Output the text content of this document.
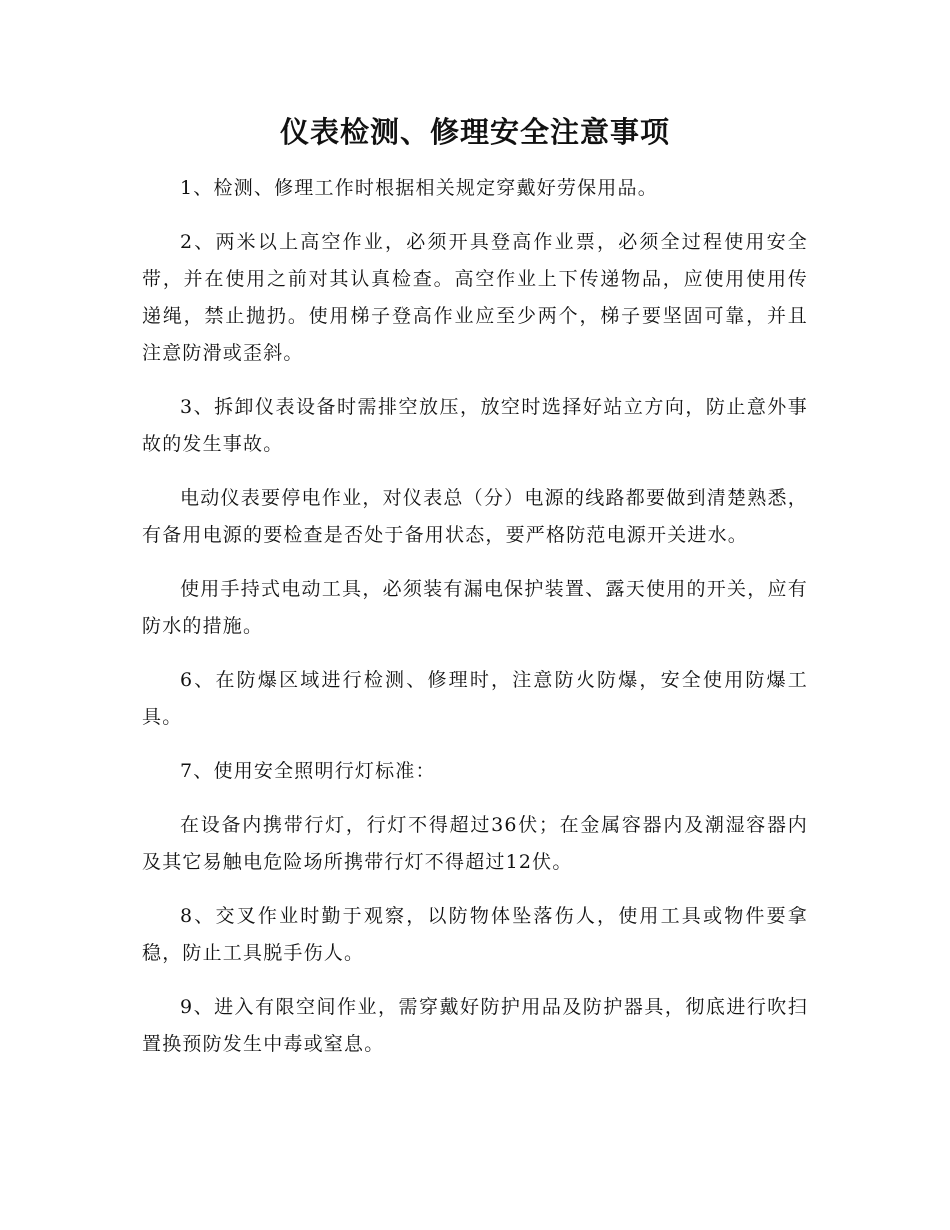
仪表检测、修理安全注意事项

1、检测、修理工作时根据相关规定穿戴好劳保用品。

2、两米以上高空作业，必须开具登高作业票，必须全过程使用安全带，并在使用之前对其认真检查。高空作业上下传递物品，应使用使用传递绳，禁止抛扔。使用梯子登高作业应至少两个，梯子要坚固可靠，并且注意防滑或歪斜。

3、拆卸仪表设备时需排空放压，放空时选择好站立方向，防止意外事故的发生事故。

电动仪表要停电作业，对仪表总（分）电源的线路都要做到清楚熟悉，有备用电源的要检查是否处于备用状态，要严格防范电源开关进水。

使用手持式电动工具，必须装有漏电保护装置、露天使用的开关，应有防水的措施。

6、在防爆区域进行检测、修理时，注意防火防爆，安全使用防爆工具。

7、使用安全照明行灯标准：

在设备内携带行灯，行灯不得超过36伏；在金属容器内及潮湿容器内及其它易触电危险场所携带行灯不得超过12伏。

8、交叉作业时勤于观察，以防物体坠落伤人，使用工具或物件要拿稳，防止工具脱手伤人。

9、进入有限空间作业，需穿戴好防护用品及防护器具，彻底进行吹扫置换预防发生中毒或窒息。
